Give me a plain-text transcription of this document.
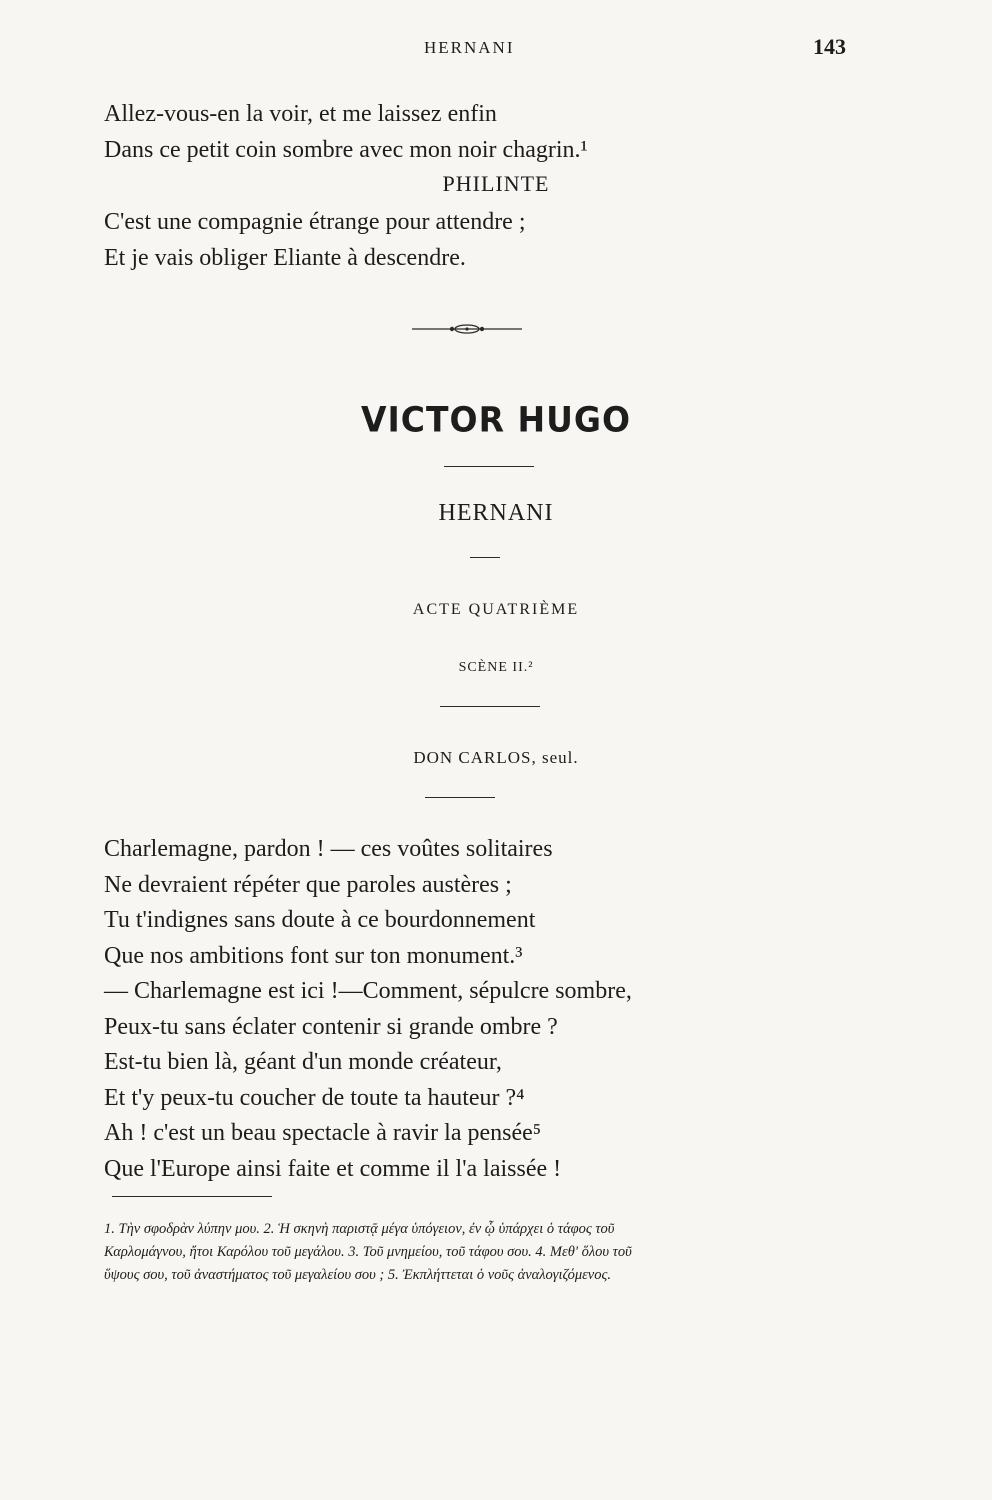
HERNANI	143
Allez-vous-en la voir, et me laissez enfin
Dans ce petit coin sombre avec mon noir chagrin.¹
PHILINTE
C'est une compagnie étrange pour attendre ;
Et je vais obliger Eliante à descendre.
VICTOR HUGO
HERNANI
ACTE QUATRIÈME
SCÈNE II.²
DON CARLOS, seul.
Charlemagne, pardon ! — ces voûtes solitaires
Ne devraient répéter que paroles austères ;
Tu t'indignes sans doute à ce bourdonnement
Que nos ambitions font sur ton monument.³
— Charlemagne est ici !—Comment, sépulcre sombre,
Peux-tu sans éclater contenir si grande ombre ?
Est-tu bien là, géant d'un monde créateur,
Et t'y peux-tu coucher de toute ta hauteur ?⁴
Ah ! c'est un beau spectacle à ravir la pensée⁵
Que l'Europe ainsi faite et comme il l'a laissée !
1. Τὴν σφοδρὰν λύπην μου. 2. Ἡ σκηνὴ παριστᾷ μέγα ὑπόγειον, ἐν ᾧ ὑπάρχει ὁ τάφος τοῦ
Καρλομάγνου, ἤτοι Καρόλου τοῦ μεγάλου. 3. Τοῦ μνημείου, τοῦ τάφου σου. 4. Μεθ' ὅλου τοῦ
ὕψους σου, τοῦ ἀναστήματος τοῦ μεγαλείου σου ; 5. Ἐκπλήττεται ὁ νοῦς ἀναλογιζόμενος.
